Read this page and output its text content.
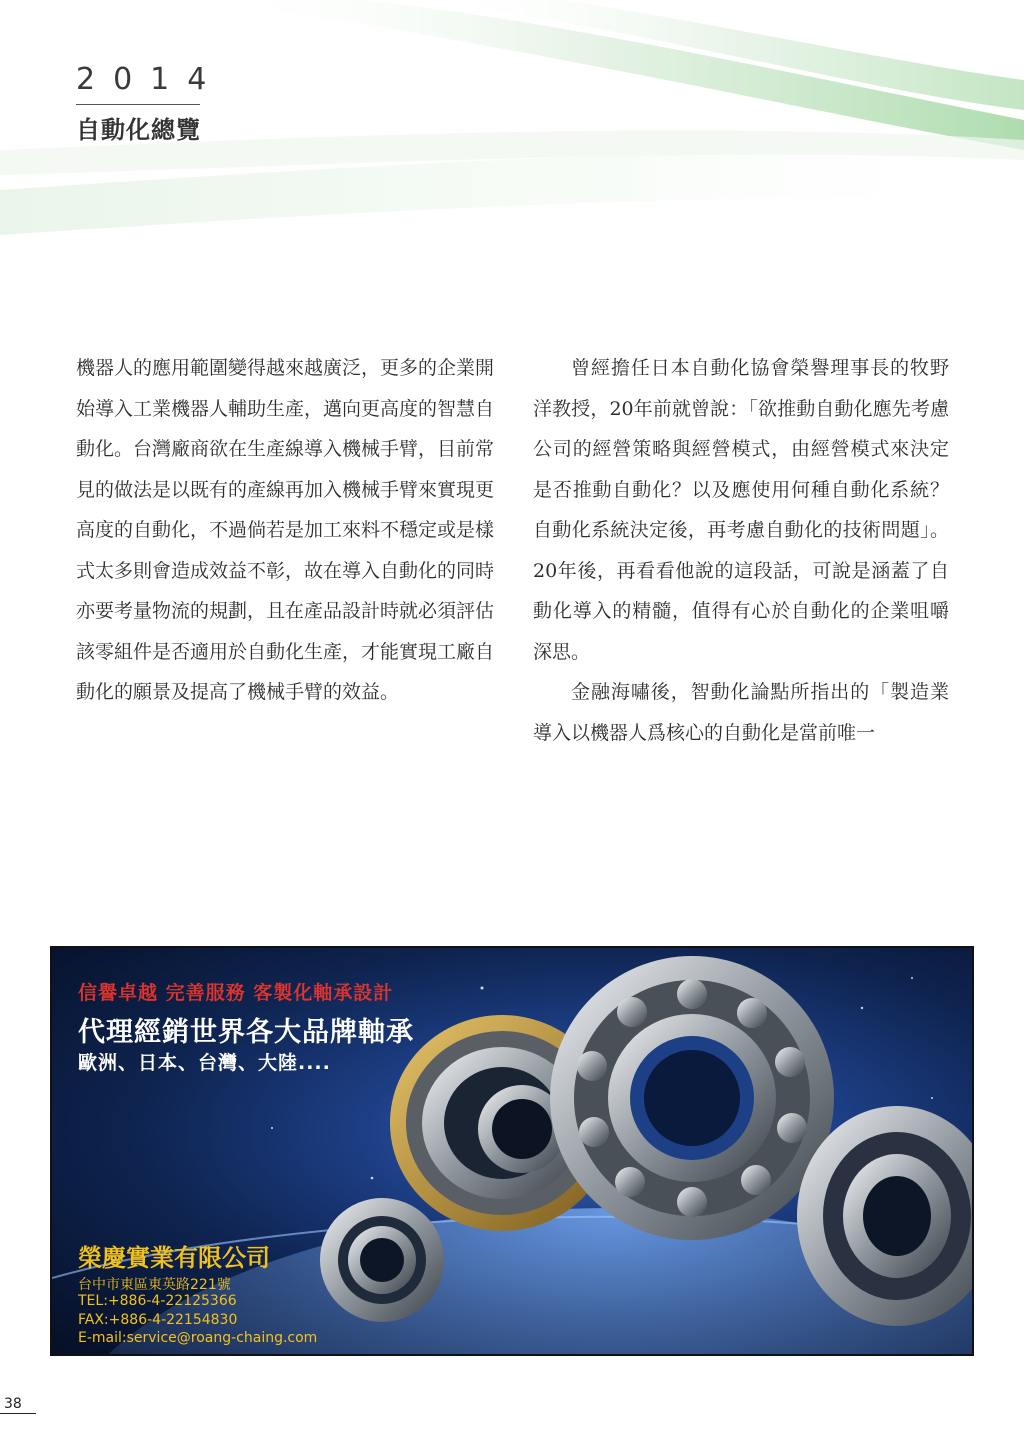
2014
自動化總覽

機器人的應用範圍變得越來越廣泛，更多的企業開始導入工業機器人輔助生產，邁向更高度的智慧自動化。台灣廠商欲在生產線導入機械手臂，目前常見的做法是以既有的產線再加入機械手臂來實現更高度的自動化，不過倘若是加工來料不穩定或是樣式太多則會造成效益不彰，故在導入自動化的同時亦要考量物流的規劃，且在產品設計時就必須評估該零組件是否適用於自動化生產，才能實現工廠自動化的願景及提高了機械手臂的效益。

曾經擔任日本自動化協會榮譽理事長的牧野洋教授，20年前就曾說：「欲推動自動化應先考慮公司的經營策略與經營模式，由經營模式來決定是否推動自動化？以及應使用何種自動化系統？自動化系統決定後，再考慮自動化的技術問題」。20年後，再看看他說的這段話，可說是涵蓋了自動化導入的精髓，值得有心於自動化的企業咀嚼深思。

金融海嘯後，智動化論點所指出的「製造業導入以機器人爲核心的自動化是當前唯一

信譽卓越 完善服務 客製化軸承設計
代理經銷世界各大品牌軸承
歐洲、日本、台灣、大陸....
榮慶實業有限公司
台中市東區東英路221號
TEL:+886-4-22125366
FAX:+886-4-22154830
E-mail:service@roang-chaing.com
38
